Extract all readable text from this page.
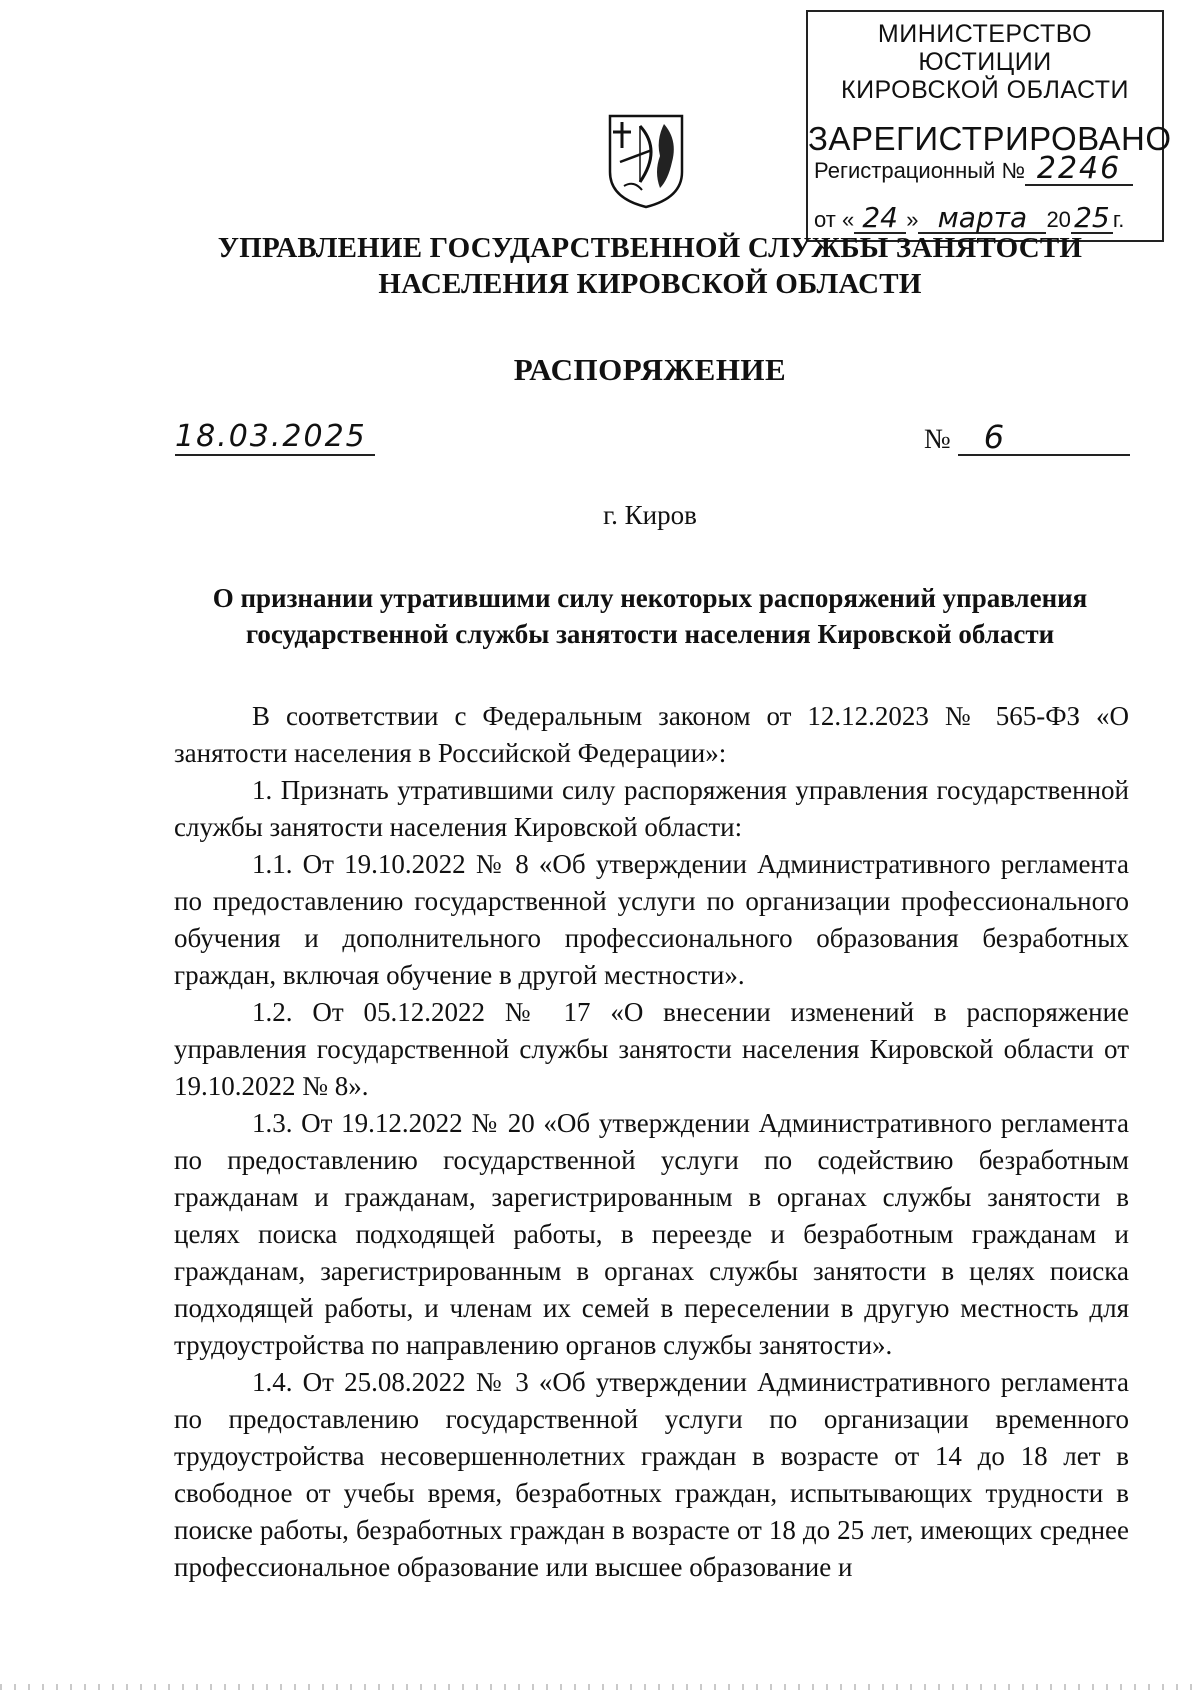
МИНИСТЕРСТВО ЮСТИЦИИ
КИРОВСКОЙ ОБЛАСТИ
ЗАРЕГИСТРИРОВАНО
Регистрационный № 2246
от « 24 » марта 20 25 г.
УПРАВЛЕНИЕ ГОСУДАРСТВЕННОЙ СЛУЖБЫ ЗАНЯТОСТИ
НАСЕЛЕНИЯ КИРОВСКОЙ ОБЛАСТИ
РАСПОРЯЖЕНИЕ
18.03.2025	№ 6
г. Киров
О признании утратившими силу некоторых распоряжений управления
государственной службы занятости населения Кировской области

В соответствии с Федеральным законом от 12.12.2023 № 565-ФЗ «О занятости населения в Российской Федерации»:

1. Признать утратившими силу распоряжения управления государственной службы занятости населения Кировской области:

1.1. От 19.10.2022 № 8 «Об утверждении Административного регламента по предоставлению государственной услуги по организации профессионального обучения и дополнительного профессионального образования безработных граждан, включая обучение в другой местности».

1.2. От 05.12.2022 № 17 «О внесении изменений в распоряжение управления государственной службы занятости населения Кировской области от 19.10.2022 № 8».

1.3. От 19.12.2022 № 20 «Об утверждении Административного регламента по предоставлению государственной услуги по содействию безработным гражданам и гражданам, зарегистрированным в органах службы занятости в целях поиска подходящей работы, в переезде и безработным гражданам и гражданам, зарегистрированным в органах службы занятости в целях поиска подходящей работы, и членам их семей в переселении в другую местность для трудоустройства по направлению органов службы занятости».

1.4. От 25.08.2022 № 3 «Об утверждении Административного регламента по предоставлению государственной услуги по организации временного трудоустройства несовершеннолетних граждан в возрасте от 14 до 18 лет в свободное от учебы время, безработных граждан, испытывающих трудности в поиске работы, безработных граждан в возрасте от 18 до 25 лет, имеющих среднее профессиональное образование или высшее образование и
